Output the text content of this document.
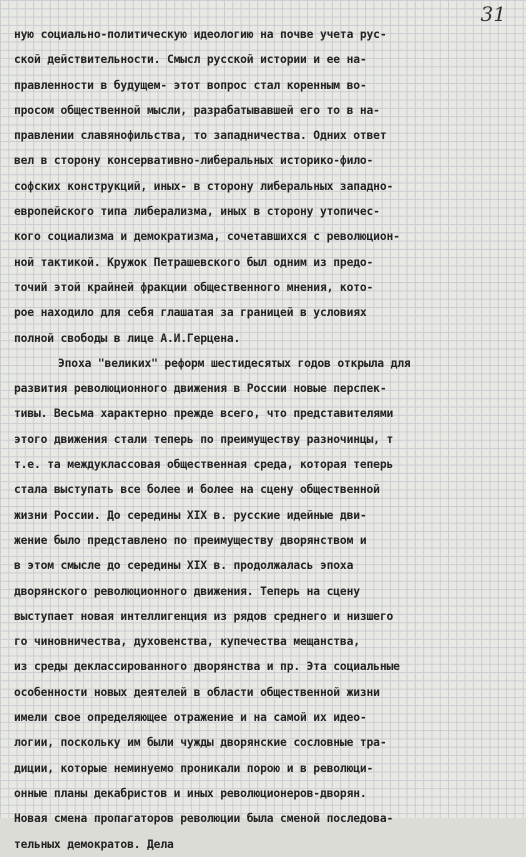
31
ную социально-политическую идеологию на почве учета рус-
ской действительности. Смысл русской истории и ее на-
правленности в будущем- этот вопрос стал коренным во-
просом общественной мысли, разрабатывавшей его то в на-
правлении славянофильства, то западничества. Одних ответ
вел в сторону консервативно-либеральных историко-фило-
софских конструкций, иных- в сторону либеральных западно-
европейского типа либерализма, иных в сторону утопичес-
кого социализма и демократизма, сочетавшихся с революцион-
ной тактикой. Кружок Петрашевского был одним из предо-
точий этой крайней фракции общественного мнения, кото-
рое находило для себя глашатая за границей в условиях
полной свободы в лице А.И.Герцена.
Эпоха "великих" реформ шестидесятых годов открыла для
развития революционного движения в России новые перспек-
тивы. Весьма характерно прежде всего, что представителями
этого движения стали теперь по преимуществу разночинцы, т
т.е. та междуклассовая общественная среда, которая теперь
стала выступать все более и более на сцену общественной
жизни России. До середины XIX в. русские идейные дви-
жение было представлено по преимуществу дворянством и
в этом смысле до середины XIX в. продолжалась эпоха
дворянского революционного движения. Теперь на сцену
выступает новая интеллигенция из рядов среднего и низшего
го чиновничества, духовенства, купечества мещанства,
из среды деклассированного дворянства и пр. Эта социальные
особенности новых деятелей в области общественной жизни
имели свое определяющее отражение и на самой их идео-
логии, поскольку им были чужды дворянские сословные тра-
диции, которые неминуемо проникали порою и в революци-
онные планы декабристов и иных революционеров-дворян.
Новая смена пропагаторов революции была сменой последова-
тельных демократов. Дела
